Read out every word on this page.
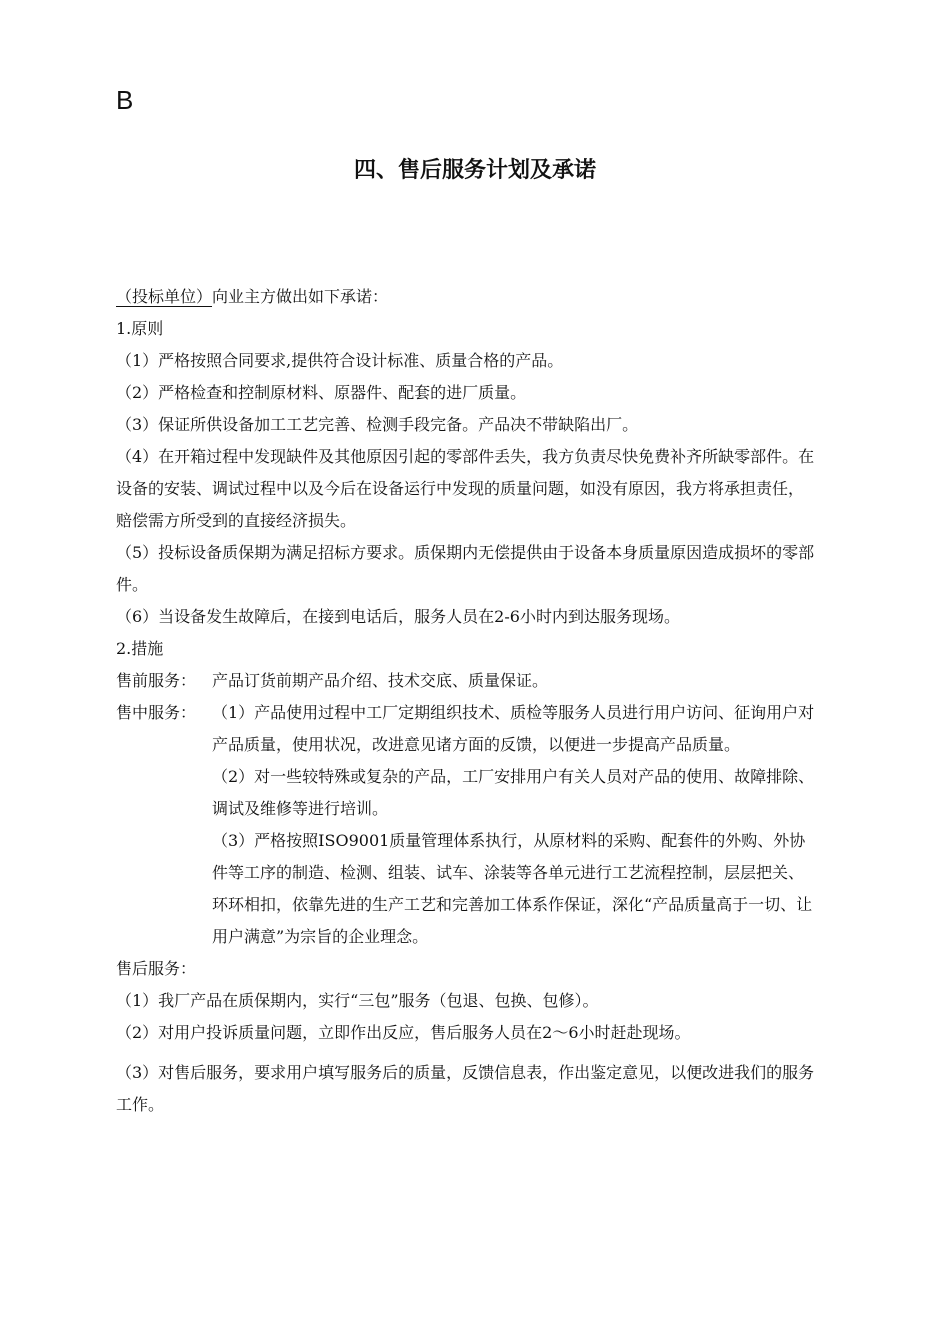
B
四、售后服务计划及承诺

（投标单位）向业主方做出如下承诺：

1.原则

（1）严格按照合同要求,提供符合设计标准、质量合格的产品。

（2）严格检查和控制原材料、原器件、配套的进厂质量。

（3）保证所供设备加工工艺完善、检测手段完备。产品决不带缺陷出厂。

（4）在开箱过程中发现缺件及其他原因引起的零部件丢失，我方负责尽快免费补齐所缺零部件。在设备的安装、调试过程中以及今后在设备运行中发现的质量问题，如没有原因，我方将承担责任，赔偿需方所受到的直接经济损失。

（5）投标设备质保期为满足招标方要求。质保期内无偿提供由于设备本身质量原因造成损坏的零部件。

（6）当设备发生故障后，在接到电话后，服务人员在2-6小时内到达服务现场。

2.措施

售前服务： 产品订货前期产品介绍、技术交底、质量保证。
售中服务： （1）产品使用过程中工厂定期组织技术、质检等服务人员进行用户访问、征询用户对产品质量，使用状况，改进意见诸方面的反馈，以便进一步提高产品质量。

（2）对一些较特殊或复杂的产品，工厂安排用户有关人员对产品的使用、故障排除、调试及维修等进行培训。

（3）严格按照ISO9001质量管理体系执行，从原材料的采购、配套件的外购、外协件等工序的制造、检测、组装、试车、涂装等各单元进行工艺流程控制，层层把关、环环相扣，依靠先进的生产工艺和完善加工体系作保证，深化“产品质量高于一切、让用户满意”为宗旨的企业理念。

售后服务：

（1）我厂产品在质保期内，实行“三包”服务（包退、包换、包修）。

（2）对用户投诉质量问题，立即作出反应，售后服务人员在2～6小时赶赴现场。

（3）对售后服务，要求用户填写服务后的质量，反馈信息表，作出鉴定意见，以便改进我们的服务工作。
